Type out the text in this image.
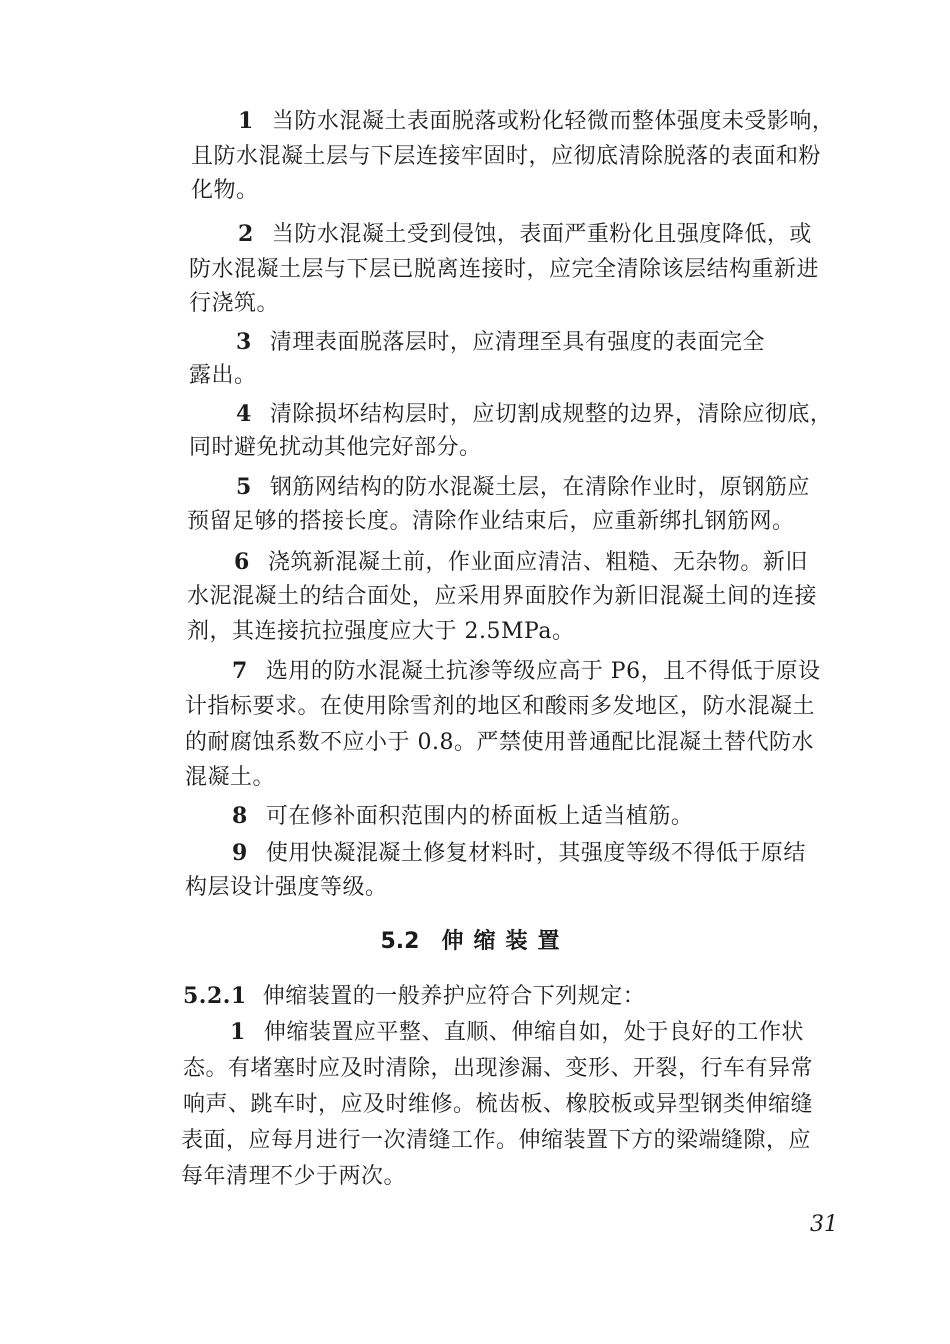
1 当防水混凝土表面脱落或粉化轻微而整体强度未受影响，
且防水混凝土层与下层连接牢固时，应彻底清除脱落的表面和粉
化物。
2 当防水混凝土受到侵蚀，表面严重粉化且强度降低，或
防水混凝土层与下层已脱离连接时，应完全清除该层结构重新进
行浇筑。
3 清理表面脱落层时，应清理至具有强度的表面完全
露出。
4 清除损坏结构层时，应切割成规整的边界，清除应彻底，
同时避免扰动其他完好部分。
5 钢筋网结构的防水混凝土层，在清除作业时，原钢筋应
预留足够的搭接长度。清除作业结束后，应重新绑扎钢筋网。
6 浇筑新混凝土前，作业面应清洁、粗糙、无杂物。新旧
水泥混凝土的结合面处，应采用界面胶作为新旧混凝土间的连接
剂，其连接抗拉强度应大于 2.5MPa。
7 选用的防水混凝土抗渗等级应高于 P6，且不得低于原设
计指标要求。在使用除雪剂的地区和酸雨多发地区，防水混凝土
的耐腐蚀系数不应小于 0.8。严禁使用普通配比混凝土替代防水
混凝土。
8 可在修补面积范围内的桥面板上适当植筋。
9 使用快凝混凝土修复材料时，其强度等级不得低于原结
构层设计强度等级。
5.2 伸缩装置
5.2.1 伸缩装置的一般养护应符合下列规定：
1 伸缩装置应平整、直顺、伸缩自如，处于良好的工作状
态。有堵塞时应及时清除，出现渗漏、变形、开裂，行车有异常
响声、跳车时，应及时维修。梳齿板、橡胶板或异型钢类伸缩缝
表面，应每月进行一次清缝工作。伸缩装置下方的梁端缝隙，应
每年清理不少于两次。
31
